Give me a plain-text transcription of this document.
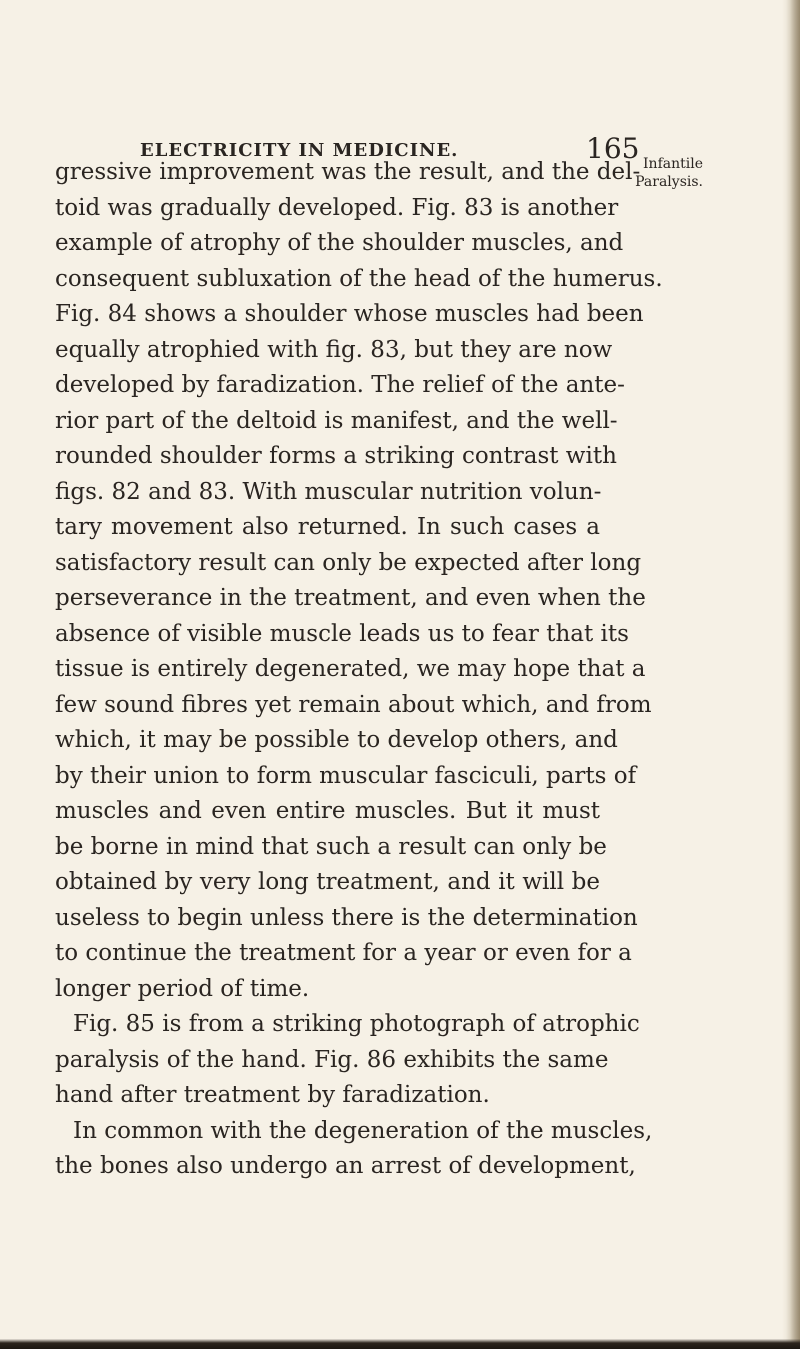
ELECTRICITY IN MEDICINE.	165 Infantile
Paralysis.
gressive improvement was the result, and the del-
toid was gradually developed. Fig. 83 is another
example of atrophy of the shoulder muscles, and
consequent subluxation of the head of the humerus.
Fig. 84 shows a shoulder whose muscles had been
equally atrophied with fig. 83, but they are now
developed by faradization. The relief of the ante-
rior part of the deltoid is manifest, and the well-
rounded shoulder forms a striking contrast with
figs. 82 and 83. With muscular nutrition volun-
tary movement also returned. In such cases a
satisfactory result can only be expected after long
perseverance in the treatment, and even when the
absence of visible muscle leads us to fear that its
tissue is entirely degenerated, we may hope that a
few sound fibres yet remain about which, and from
which, it may be possible to develop others, and
by their union to form muscular fasciculi, parts of
muscles and even entire muscles. But it must
be borne in mind that such a result can only be
obtained by very long treatment, and it will be
useless to begin unless there is the determination
to continue the treatment for a year or even for a
longer period of time.
Fig. 85 is from a striking photograph of atrophic
paralysis of the hand. Fig. 86 exhibits the same
hand after treatment by faradization.
In common with the degeneration of the muscles,
the bones also undergo an arrest of development,
